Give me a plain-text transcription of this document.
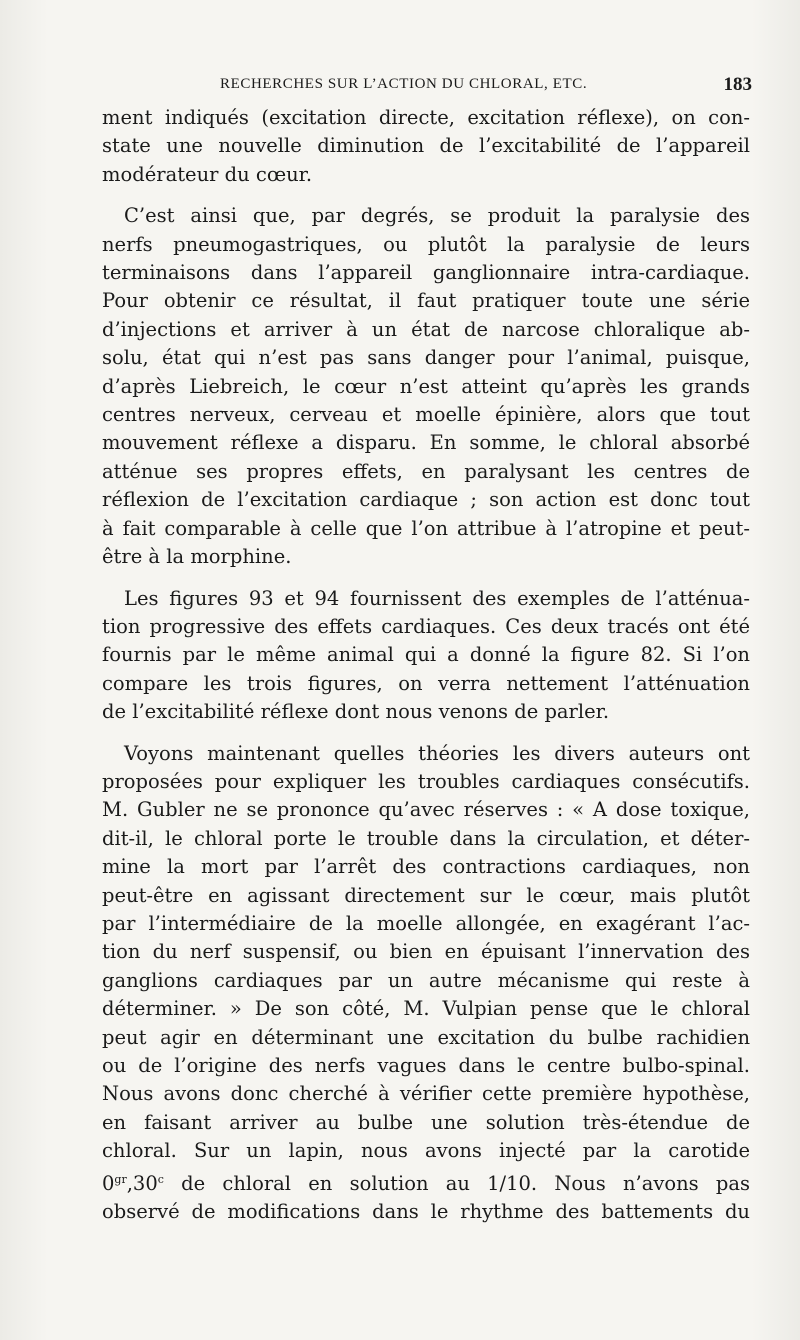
RECHERCHES SUR L’ACTION DU CHLORAL, ETC.	183
ment indiqués (excitation directe, excitation réflexe), on con-
state une nouvelle diminution de l’excitabilité de l’appareil
modérateur du cœur.
C’est ainsi que, par degrés, se produit la paralysie des
nerfs pneumogastriques, ou plutôt la paralysie de leurs
terminaisons dans l’appareil ganglionnaire intra-cardiaque.
Pour obtenir ce résultat, il faut pratiquer toute une série
d’injections et arriver à un état de narcose chloralique ab-
solu, état qui n’est pas sans danger pour l’animal, puisque,
d’après Liebreich, le cœur n’est atteint qu’après les grands
centres nerveux, cerveau et moelle épinière, alors que tout
mouvement réflexe a disparu. En somme, le chloral absorbé
atténue ses propres effets, en paralysant les centres de
réflexion de l’excitation cardiaque ; son action est donc tout
à fait comparable à celle que l’on attribue à l’atropine et peut-
être à la morphine.
Les figures 93 et 94 fournissent des exemples de l’atténua-
tion progressive des effets cardiaques. Ces deux tracés ont été
fournis par le même animal qui a donné la figure 82. Si l’on
compare les trois figures, on verra nettement l’atténuation
de l’excitabilité réflexe dont nous venons de parler.
Voyons maintenant quelles théories les divers auteurs ont
proposées pour expliquer les troubles cardiaques consécutifs.
M. Gubler ne se prononce qu’avec réserves : « A dose toxique,
dit-il, le chloral porte le trouble dans la circulation, et déter-
mine la mort par l’arrêt des contractions cardiaques, non
peut-être en agissant directement sur le cœur, mais plutôt
par l’intermédiaire de la moelle allongée, en exagérant l’ac-
tion du nerf suspensif, ou bien en épuisant l’innervation des
ganglions cardiaques par un autre mécanisme qui reste à
déterminer. » De son côté, M. Vulpian pense que le chloral
peut agir en déterminant une excitation du bulbe rachidien
ou de l’origine des nerfs vagues dans le centre bulbo-spinal.
Nous avons donc cherché à vérifier cette première hypothèse,
en faisant arriver au bulbe une solution très-étendue de
chloral. Sur un lapin, nous avons injecté par la carotide
$0^{gr},30^c$ de chloral en solution au 1/10. Nous n’avons pas
observé de modifications dans le rhythme des battements du
